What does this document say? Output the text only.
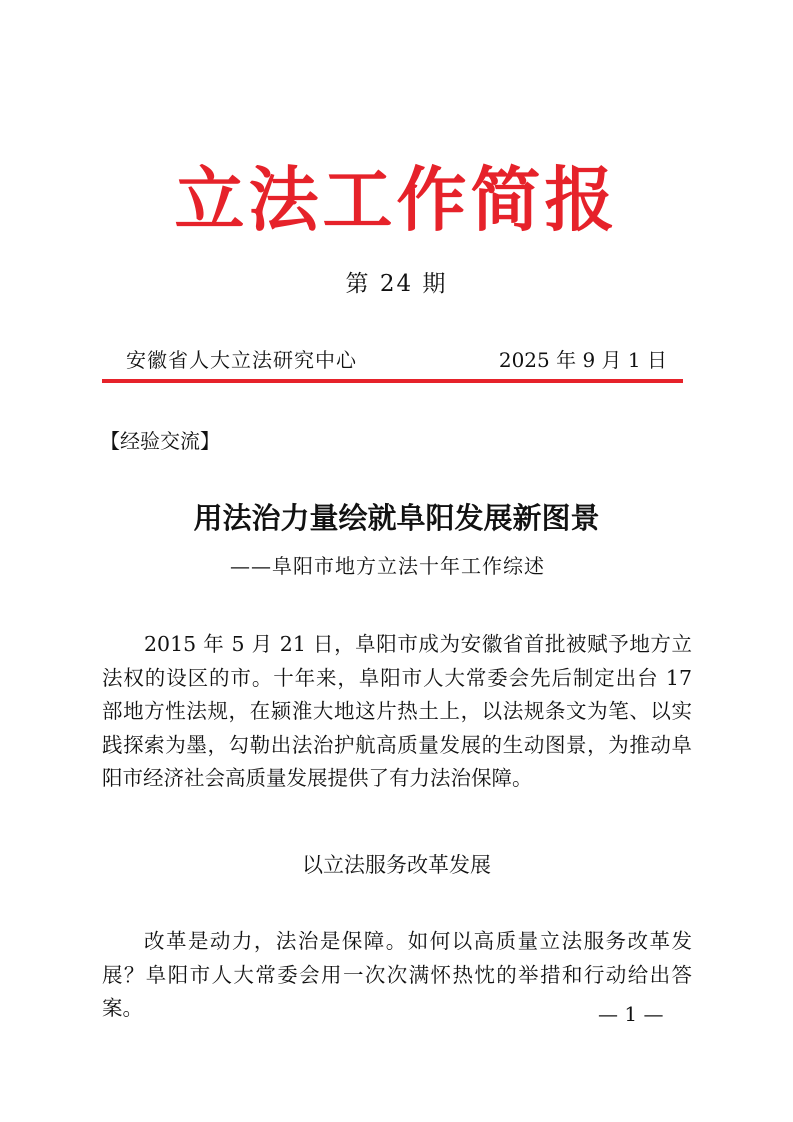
立法工作简报
第 24 期
安徽省人大立法研究中心	2025 年 9 月 1 日
【经验交流】
用法治力量绘就阜阳发展新图景
——阜阳市地方立法十年工作综述

2015 年 5 月 21 日，阜阳市成为安徽省首批被赋予地方立法权的设区的市。十年来，阜阳市人大常委会先后制定出台 17 部地方性法规，在颍淮大地这片热土上，以法规条文为笔、以实践探索为墨，勾勒出法治护航高质量发展的生动图景，为推动阜阳市经济社会高质量发展提供了有力法治保障。

以立法服务改革发展

改革是动力，法治是保障。如何以高质量立法服务改革发展？阜阳市人大常委会用一次次满怀热忱的举措和行动给出答案。	— 1 —
